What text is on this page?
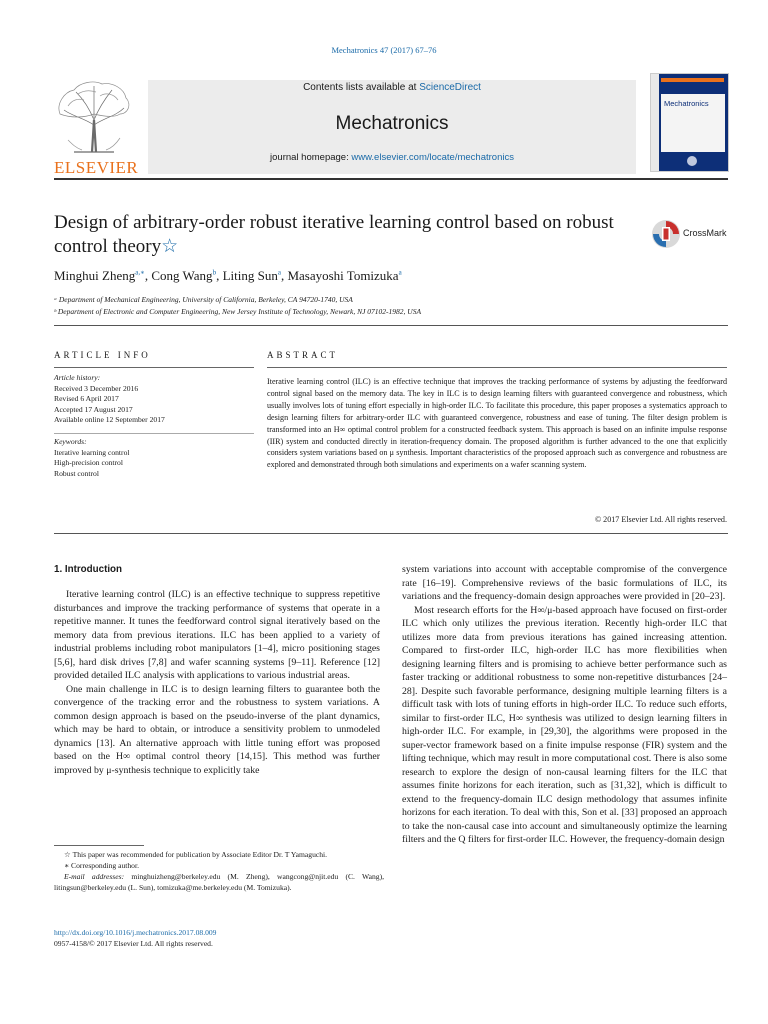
Mechatronics 47 (2017) 67–76
Contents lists available at ScienceDirect
Mechatronics
journal homepage: www.elsevier.com/locate/mechatronics
ELSEVIER
Mechatronics
Design of arbitrary-order robust iterative learning control based on robust control theory☆
CrossMark
Minghui Zheng$^{a,∗}$, Cong Wang$^b$, Liting Sun$^a$, Masayoshi Tomizuka$^a$
ᵃ Department of Mechanical Engineering, University of California, Berkeley, CA 94720-1740, USA
ᵇ Department of Electronic and Computer Engineering, New Jersey Institute of Technology, Newark, NJ 07102-1982, USA
ARTICLE INFO
Article history:
Received 3 December 2016
Revised 6 April 2017
Accepted 17 August 2017
Available online 12 September 2017
Keywords:
Iterative learning control
High-precision control
Robust control
ABSTRACT
Iterative learning control (ILC) is an effective technique that improves the tracking performance of systems by adjusting the feedforward control signal based on the memory data. The key in ILC is to design learning filters with guaranteed convergence and robustness, which usually involves lots of tuning effort especially in high-order ILC. To facilitate this procedure, this paper proposes a systematics approach to design learning filters for arbitrary-order ILC with guaranteed convergence, robustness and ease of tuning. The filter design problem is transformed into an H∞ optimal control problem for a constructed feedback system. This approach is based on an infinite impulse response (IIR) system and conducted directly in iteration-frequency domain. The proposed algorithm is further advanced to the one that explicitly considers system variations based on μ synthesis. Important characteristics of the proposed approach such as convergence and robustness are explored and demonstrated through both simulations and experiments on a wafer scanning system.
© 2017 Elsevier Ltd. All rights reserved.
1. Introduction

Iterative learning control (ILC) is an effective technique to suppress repetitive disturbances and improve the tracking performance of systems that operate in a repetitive manner. It tunes the feedforward control signal iteratively based on the memory data from previous iterations. ILC has been applied to a variety of industrial problems including robot manipulators [1–4], micro positioning stages [5,6], hard disk drives [7,8] and wafer scanning systems [9–11]. Reference [12] provided detailed ILC analysis with applications to various industrial areas.

One main challenge in ILC is to design learning filters to guarantee both the convergence of the tracking error and the robustness to system variations. A common design approach is based on the pseudo-inverse of the plant dynamics, which may be hard to obtain, or introduce a sensitivity problem to unmodeled dynamics [13]. An alternative approach with little tuning effort was proposed based on the H∞ optimal control theory [14,15]. This method was further improved by μ-synthesis technique to explicitly take

system variations into account with acceptable compromise of the convergence rate [16–19]. Comprehensive reviews of the basic formulations of ILC, its variations and the frequency-domain design approaches were provided in [20–23].

Most research efforts for the H∞/μ-based approach have focused on first-order ILC which only utilizes the previous iteration. Recently high-order ILC that utilizes more data from previous iterations has gained increasing attention. Compared to first-order ILC, high-order ILC has more flexibilities when designing learning filters and is promising to achieve better performance such as faster tracking or additional robustness to some non-repetitive disturbances [24–28]. Despite such favorable performance, designing multiple learning filters is a difficult task with lots of tuning efforts in high-order ILC. To reduce such efforts, similar to first-order ILC, H∞ synthesis was utilized to design learning filters in high-order ILC. For example, in [29,30], the algorithms were proposed in the super-vector framework based on a finite impulse response (FIR) system and the lifting technique, which may result in more computational cost. There is also some research to explore the design of non-causal learning filters for the ILC that assumes finite horizons for each iteration, such as [31,32], which is difficult to extend to the frequency-domain ILC design methodology that assumes infinite horizons for each iteration. To deal with this, Son et al. [33] proposed an approach to take the non-causal case into account and simultaneously optimize the learning filters and the Q filters for first-order ILC. However, the frequency-domain design

☆ This paper was recommended for publication by Associate Editor Dr. T Yamaguchi.
∗ Corresponding author.
E-mail addresses: minghuizheng@berkeley.edu (M. Zheng), wangcong@njit.edu (C. Wang), litingsun@berkeley.edu (L. Sun), tomizuka@me.berkeley.edu (M. Tomizuka).
http://dx.doi.org/10.1016/j.mechatronics.2017.08.009
0957-4158/© 2017 Elsevier Ltd. All rights reserved.
